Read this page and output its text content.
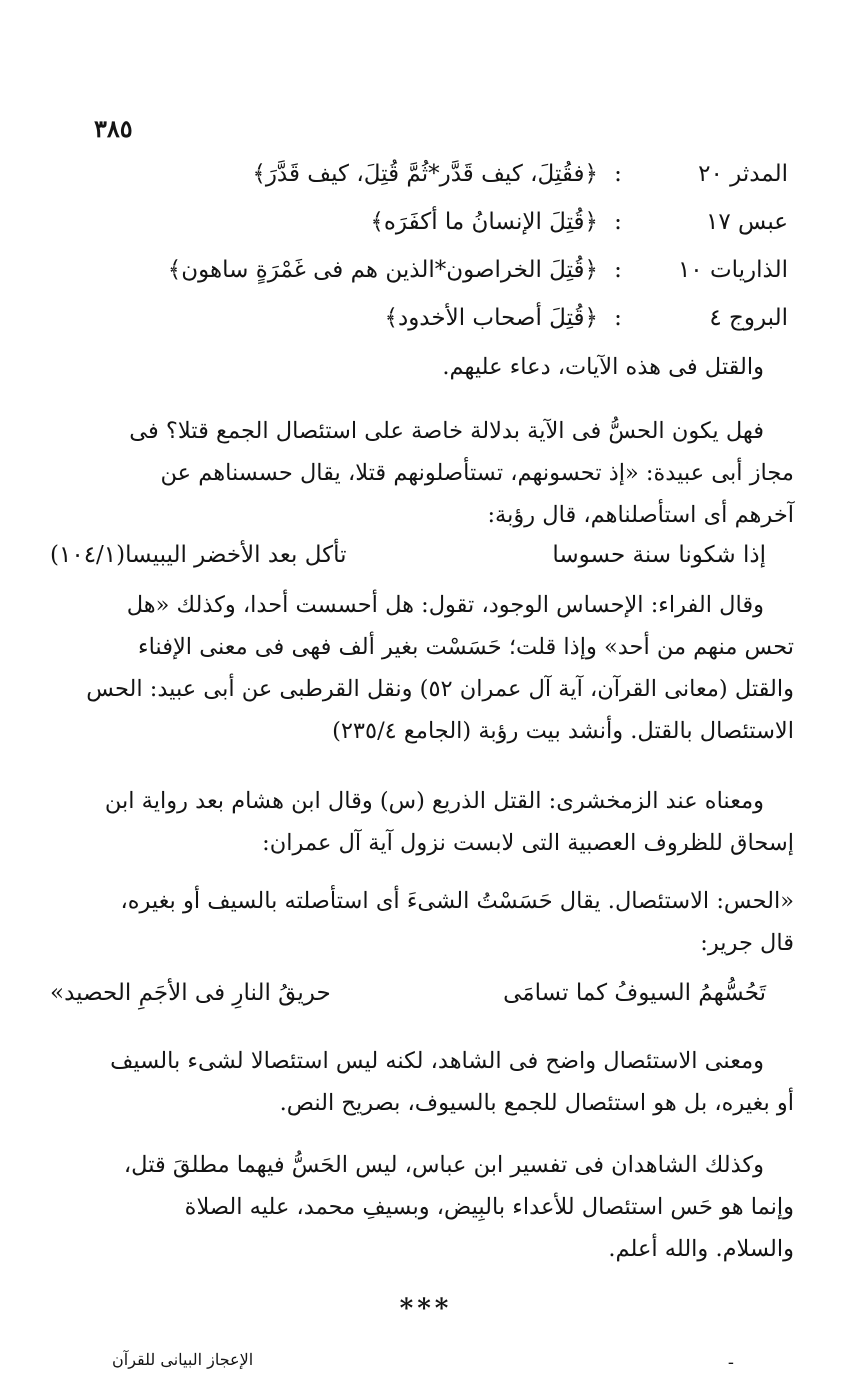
٣٨٥
المدثر ٢٠
:
﴿فقُتِلَ، كيف قَدَّر*ثُمَّ قُتِلَ، كيف قَدَّرَ﴾
عبس ١٧
:
﴿قُتِلَ الإنسانُ ما أكفَرَه﴾
الذاريات ١٠
:
﴿قُتِلَ الخراصون*الذين هم فى غَمْرَةٍ ساهون﴾
البروج ٤
:
﴿قُتِلَ أصحاب الأخدود﴾
والقتل فى هذه الآيات، دعاء عليهم.
فهل يكون الحسُّ فى الآية بدلالة خاصة على استئصال الجمع قتلا؟ فى
مجاز أبى عبيدة: «إذ تحسونهم، تستأصلونهم قتلا، يقال حسسناهم عن
آخرهم أى استأصلناهم، قال رؤبة:
إذا شكونا سنة حسوسا
تأكل بعد الأخضر اليبيسا(١٠٤/١)
وقال الفراء: الإحساس الوجود، تقول: هل أحسست أحدا، وكذلك «هل
تحس منهم من أحد» وإذا قلت؛ حَسَسْت بغير ألف فهى فى معنى الإفناء
والقتل (معانى القرآن، آية آل عمران ٥٢) ونقل القرطبى عن أبى عبيد: الحس
الاستئصال بالقتل. وأنشد بيت رؤبة (الجامع ٢٣٥/٤)
ومعناه عند الزمخشرى: القتل الذريع (س) وقال ابن هشام بعد رواية ابن
إسحاق للظروف العصبية التى لابست نزول آية آل عمران:
«الحس: الاستئصال. يقال حَسَسْتُ الشىءَ أى استأصلته بالسيف أو بغيره،
قال جرير:
تَحُسُّهمُ السيوفُ كما تسامَى
حريقُ النارِ فى الأجَمِ الحصيد»
ومعنى الاستئصال واضح فى الشاهد، لكنه ليس استئصالا لشىء بالسيف
أو بغيره، بل هو استئصال للجمع بالسيوف، بصريح النص.
وكذلك الشاهدان فى تفسير ابن عباس، ليس الحَسُّ فيهما مطلقَ قتل،
وإنما هو حَس استئصال للأعداء بالبِيض، وبسيفِ محمد، عليه الصلاة
والسلام. والله أعلم.
***
الإعجاز البيانى للقرآن	-
